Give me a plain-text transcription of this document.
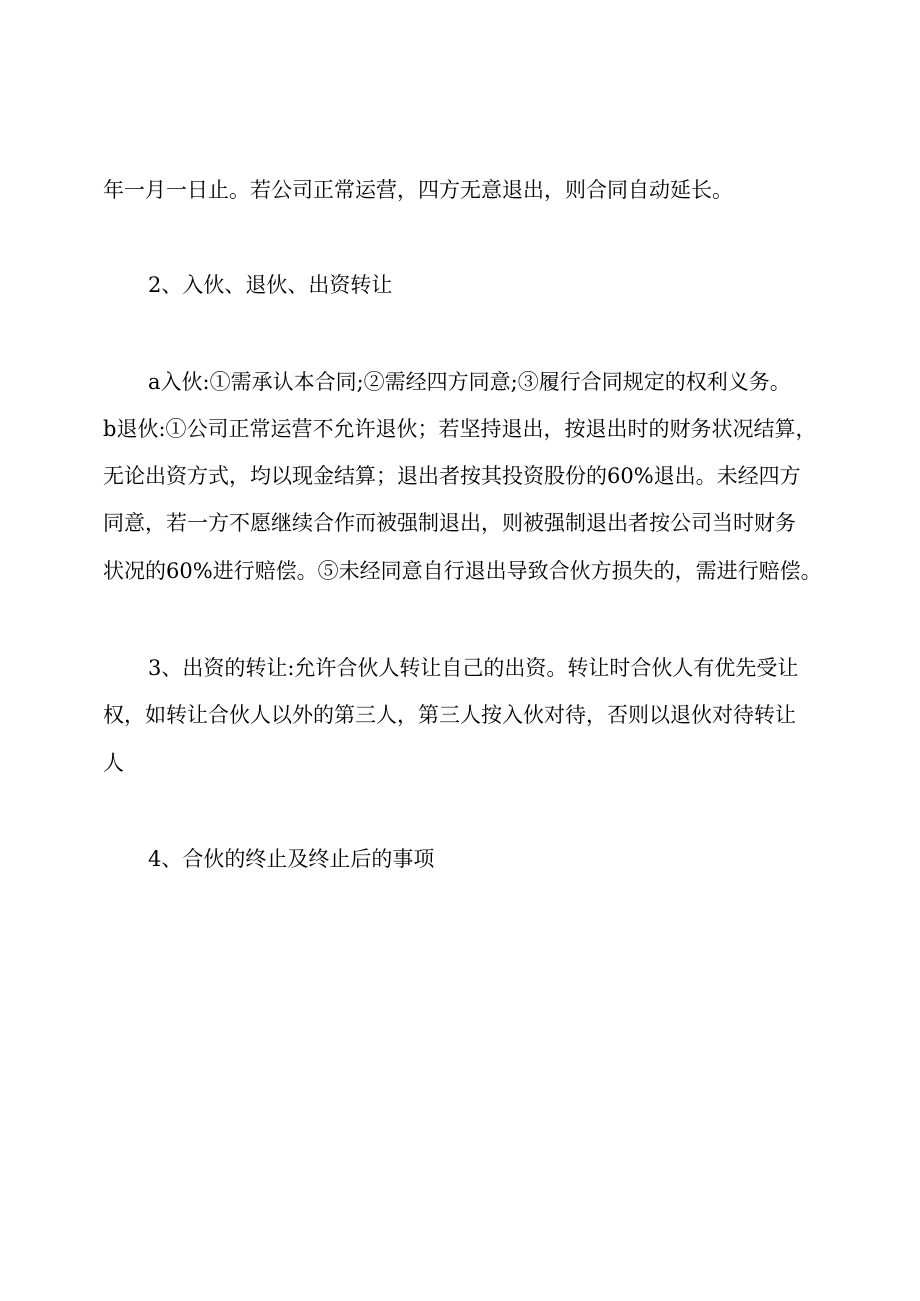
年一月一日止。若公司正常运营，四方无意退出，则合同自动延长。
2、入伙、退伙、出资转让
a入伙:①需承认本合同;②需经四方同意;③履行合同规定的权利义务。
b退伙:①公司正常运营不允许退伙；若坚持退出，按退出时的财务状况结算，
无论出资方式，均以现金结算；退出者按其投资股份的60%退出。未经四方
同意，若一方不愿继续合作而被强制退出，则被强制退出者按公司当时财务
状况的60%进行赔偿。⑤未经同意自行退出导致合伙方损失的，需进行赔偿。
3、出资的转让:允许合伙人转让自己的出资。转让时合伙人有优先受让
权，如转让合伙人以外的第三人，第三人按入伙对待，否则以退伙对待转让
人
4、合伙的终止及终止后的事项
